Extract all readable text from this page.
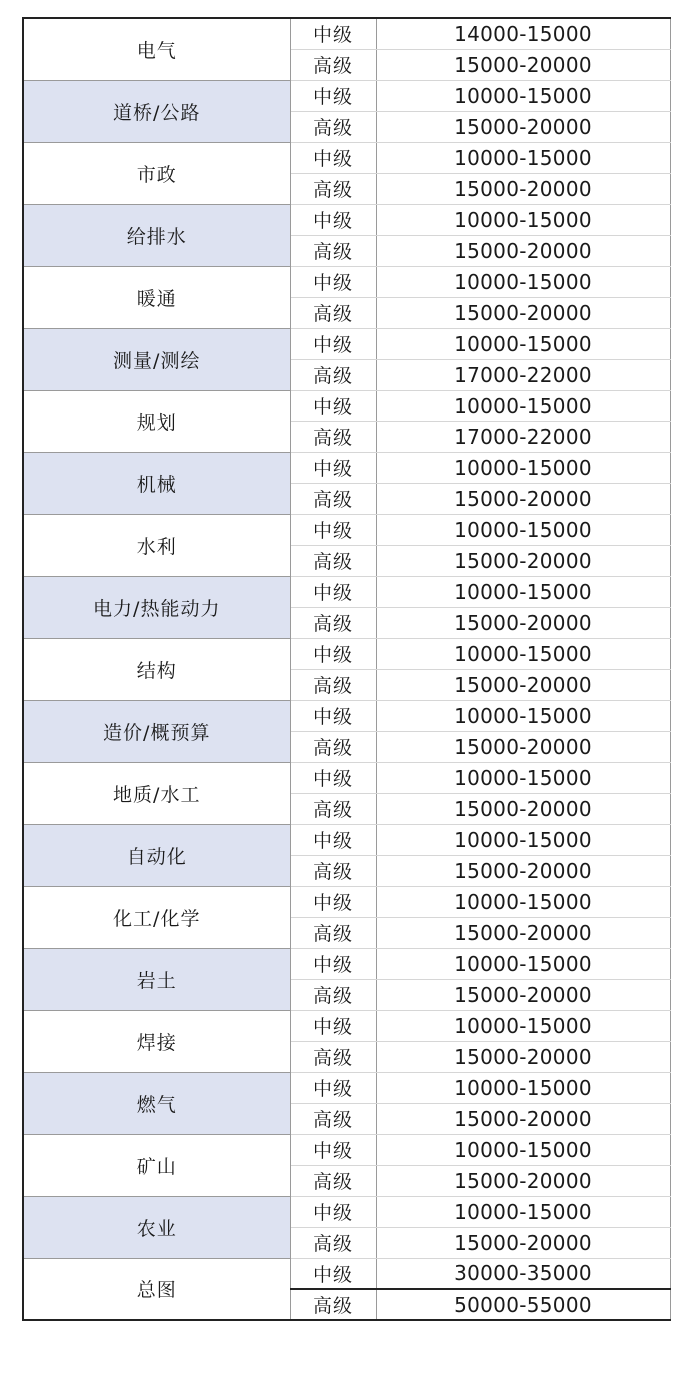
电气	中级	14000-15000
	高级	15000-20000
道桥/公路	中级	10000-15000
	高级	15000-20000
市政	中级	10000-15000
	高级	15000-20000
给排水	中级	10000-15000
	高级	15000-20000
暖通	中级	10000-15000
	高级	15000-20000
测量/测绘	中级	10000-15000
	高级	17000-22000
规划	中级	10000-15000
	高级	17000-22000
机械	中级	10000-15000
	高级	15000-20000
水利	中级	10000-15000
	高级	15000-20000
电力/热能动力	中级	10000-15000
	高级	15000-20000
结构	中级	10000-15000
	高级	15000-20000
造价/概预算	中级	10000-15000
	高级	15000-20000
地质/水工	中级	10000-15000
	高级	15000-20000
自动化	中级	10000-15000
	高级	15000-20000
化工/化学	中级	10000-15000
	高级	15000-20000
岩土	中级	10000-15000
	高级	15000-20000
焊接	中级	10000-15000
	高级	15000-20000
燃气	中级	10000-15000
	高级	15000-20000
矿山	中级	10000-15000
	高级	15000-20000
农业	中级	10000-15000
	高级	15000-20000
总图	中级	30000-35000
	高级	50000-55000
